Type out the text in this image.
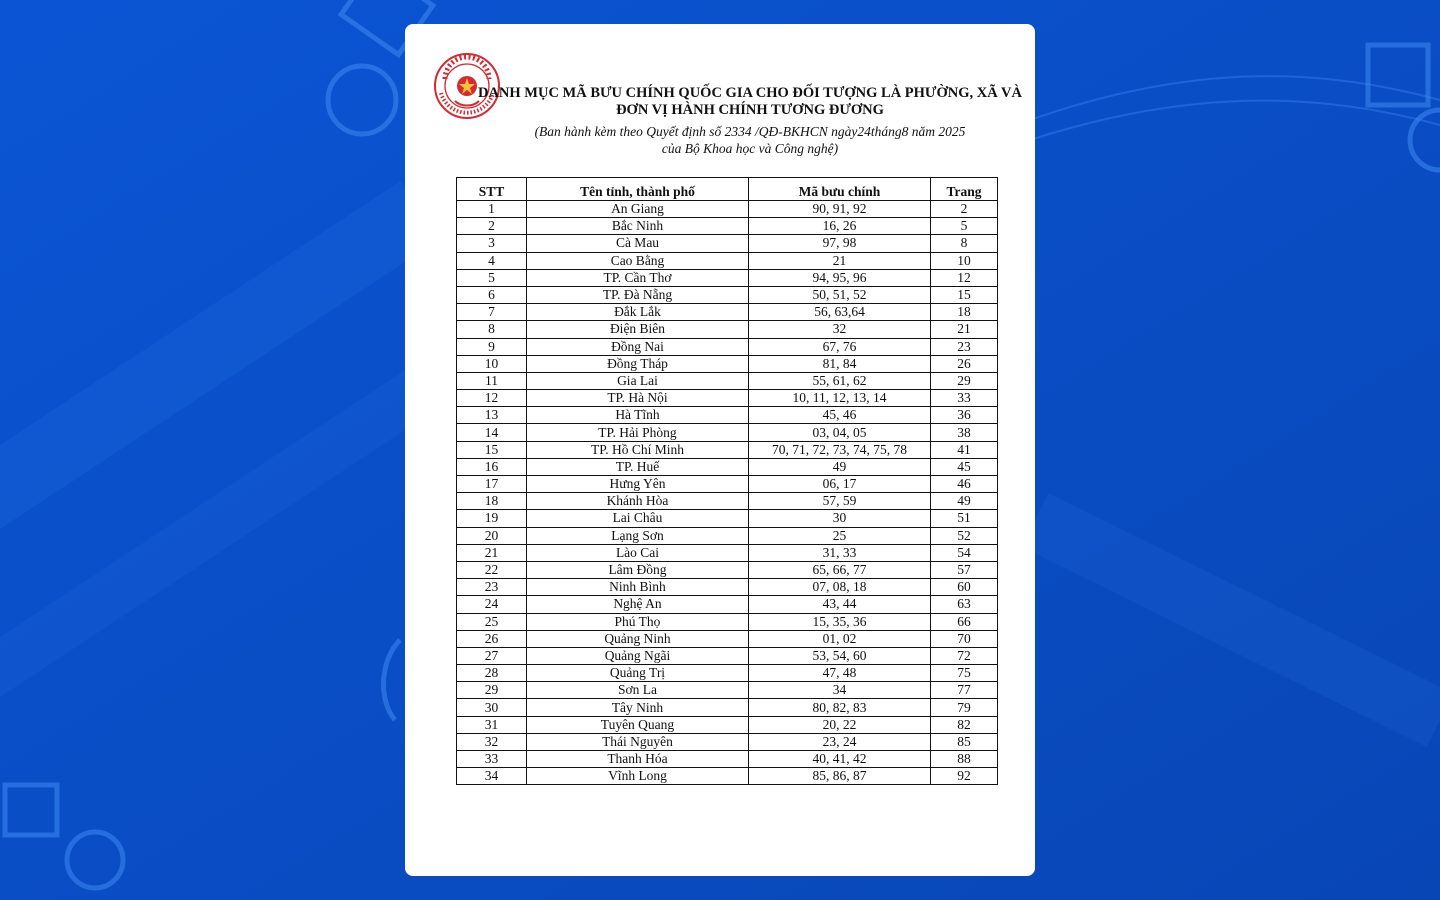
DANH MỤC MÃ BƯU CHÍNH QUỐC GIA CHO ĐỐI TƯỢNG LÀ PHƯỜNG, XÃ VÀ
ĐƠN VỊ HÀNH CHÍNH TƯƠNG ĐƯƠNG
(Ban hành kèm theo Quyết định số 2334 /QĐ-BKHCN ngày24tháng8 năm 2025
của Bộ Khoa học và Công nghệ)
STT	Tên tỉnh, thành phố	Mã bưu chính	Trang
1	An Giang	90, 91, 92	2
2	Bắc Ninh	16, 26	5
3	Cà Mau	97, 98	8
4	Cao Bằng	21	10
5	TP. Cần Thơ	94, 95, 96	12
6	TP. Đà Nẵng	50, 51, 52	15
7	Đắk Lắk	56, 63,64	18
8	Điện Biên	32	21
9	Đồng Nai	67, 76	23
10	Đồng Tháp	81, 84	26
11	Gia Lai	55, 61, 62	29
12	TP. Hà Nội	10, 11, 12, 13, 14	33
13	Hà Tĩnh	45, 46	36
14	TP. Hải Phòng	03, 04, 05	38
15	TP. Hồ Chí Minh	70, 71, 72, 73, 74, 75, 78	41
16	TP. Huế	49	45
17	Hưng Yên	06, 17	46
18	Khánh Hòa	57, 59	49
19	Lai Châu	30	51
20	Lạng Sơn	25	52
21	Lào Cai	31, 33	54
22	Lâm Đồng	65, 66, 77	57
23	Ninh Bình	07, 08, 18	60
24	Nghệ An	43, 44	63
25	Phú Thọ	15, 35, 36	66
26	Quảng Ninh	01, 02	70
27	Quảng Ngãi	53, 54, 60	72
28	Quảng Trị	47, 48	75
29	Sơn La	34	77
30	Tây Ninh	80, 82, 83	79
31	Tuyên Quang	20, 22	82
32	Thái Nguyên	23, 24	85
33	Thanh Hóa	40, 41, 42	88
34	Vĩnh Long	85, 86, 87	92
